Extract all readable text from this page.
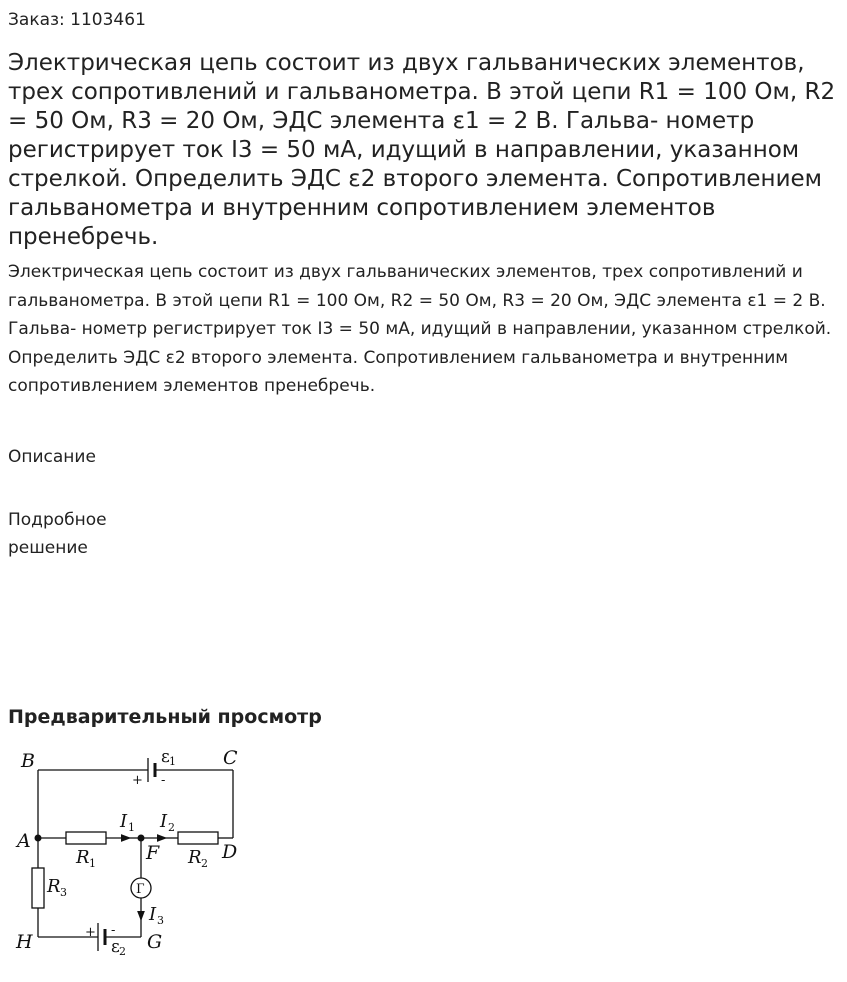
Заказ: 1103461
Электрическая цепь состоит из двух гальванических элементов, трех сопротивлений и гальванометра. В этой цепи R1 = 100 Ом, R2 = 50 Ом, R3 = 20 Ом, ЭДС элемента ε1 = 2 В. Гальва- нометр регистрирует ток I3 = 50 мА, идущий в направлении, указанном стрелкой. Определить ЭДС ε2 второго элемента. Сопротивлением гальванометра и внутренним сопротивлением элементов пренебречь.
Электрическая цепь состоит из двух гальванических элементов, трех сопротивлений и гальванометра. В этой цепи R1 = 100 Ом, R2 = 50 Ом, R3 = 20 Ом, ЭДС элемента ε1 = 2 В. Гальва- нометр регистрирует ток I3 = 50 мА, идущий в направлении, указанном стрелкой. Определить ЭДС ε2 второго элемента. Сопротивлением гальванометра и внутренним сопротивлением элементов пренебречь.
Описание
Подробное решение
Предварительный просмотр
B	C
A
F	D
H	G
R 1	R 2
R 3
I 1 I 2
I 3
ε 1
+ -
ε 2
+ -
Г
